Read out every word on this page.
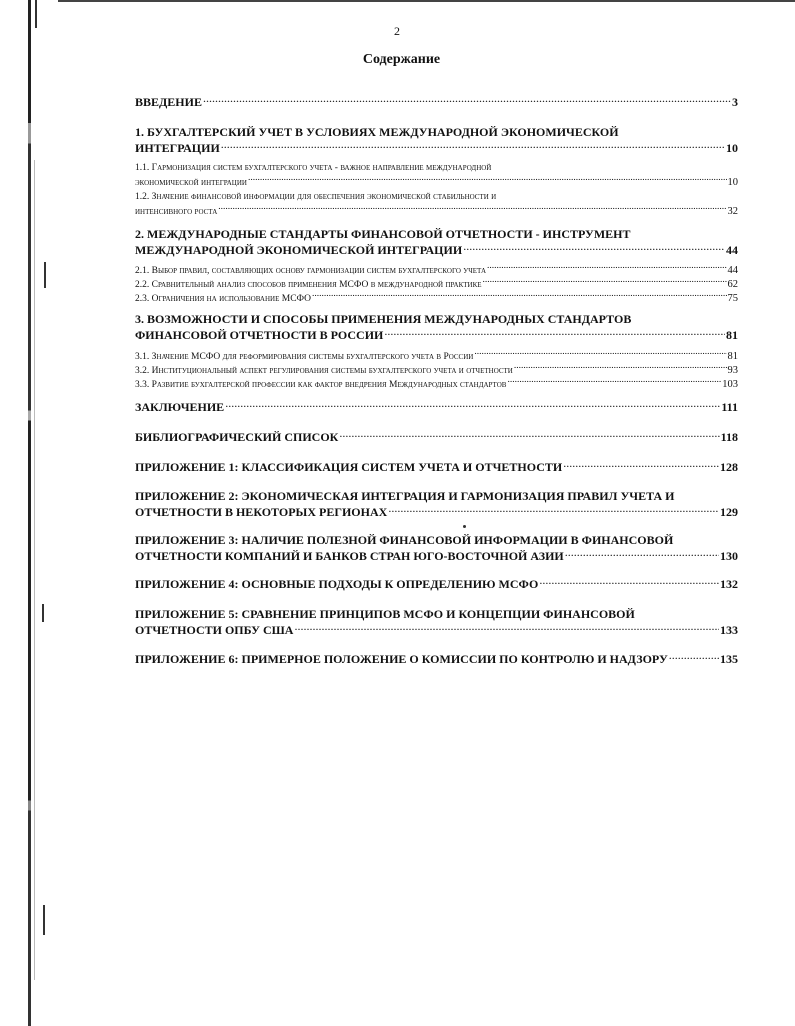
2
Содержание
ВВЕДЕНИЕ .....	3
1. БУХГАЛТЕРСКИЙ УЧЕТ В УСЛОВИЯХ МЕЖДУНАРОДНОЙ ЭКОНОМИЧЕСКОЙ
ИНТЕГРАЦИИ .....	10
1.1. Гармонизация систем бухгалтерского учета - важное направление международной
экономической интеграции .....	10
1.2. Значение финансовой информации для обеспечения экономической стабильности и
интенсивного роста .....	32
2. МЕЖДУНАРОДНЫЕ СТАНДАРТЫ ФИНАНСОВОЙ ОТЧЕТНОСТИ - ИНСТРУМЕНТ
МЕЖДУНАРОДНОЙ ЭКОНОМИЧЕСКОЙ ИНТЕГРАЦИИ .....	44
2.1. Выбор правил, составляющих основу гармонизации систем бухгалтерского учета .....	44
2.2. Сравнительный анализ способов применения МСФО в международной практике .....	62
2.3. Ограничения на использование МСФО .....	75
3. ВОЗМОЖНОСТИ И СПОСОБЫ ПРИМЕНЕНИЯ МЕЖДУНАРОДНЫХ СТАНДАРТОВ
ФИНАНСОВОЙ ОТЧЕТНОСТИ В РОССИИ .....	81
3.1. Значение МСФО для реформирования системы бухгалтерского учета в России .....	81
3.2. Институциональный аспект регулирования системы бухгалтерского учета и отчетности .....	93
3.3. Развитие бухгалтерской профессии как фактор внедрения Международных стандартов .....	103
ЗАКЛЮЧЕНИЕ .....	111
БИБЛИОГРАФИЧЕСКИЙ СПИСОК .....	118
ПРИЛОЖЕНИЕ 1: КЛАССИФИКАЦИЯ СИСТЕМ УЧЕТА И ОТЧЕТНОСТИ .....	128
ПРИЛОЖЕНИЕ 2: ЭКОНОМИЧЕСКАЯ ИНТЕГРАЦИЯ И ГАРМОНИЗАЦИЯ ПРАВИЛ УЧЕТА И
ОТЧЕТНОСТИ В НЕКОТОРЫХ РЕГИОНАХ .....	129
ПРИЛОЖЕНИЕ 3: НАЛИЧИЕ ПОЛЕЗНОЙ ФИНАНСОВОЙ ИНФОРМАЦИИ В ФИНАНСОВОЙ
ОТЧЕТНОСТИ КОМПАНИЙ И БАНКОВ СТРАН ЮГО-ВОСТОЧНОЙ АЗИИ .....	130
ПРИЛОЖЕНИЕ 4: ОСНОВНЫЕ ПОДХОДЫ К ОПРЕДЕЛЕНИЮ МСФО .....	132
ПРИЛОЖЕНИЕ 5: СРАВНЕНИЕ ПРИНЦИПОВ МСФО И КОНЦЕПЦИИ ФИНАНСОВОЙ
ОТЧЕТНОСТИ ОПБУ США .....	133
ПРИЛОЖЕНИЕ 6: ПРИМЕРНОЕ ПОЛОЖЕНИЕ О КОМИССИИ ПО КОНТРОЛЮ И НАДЗОРУ .....	135
